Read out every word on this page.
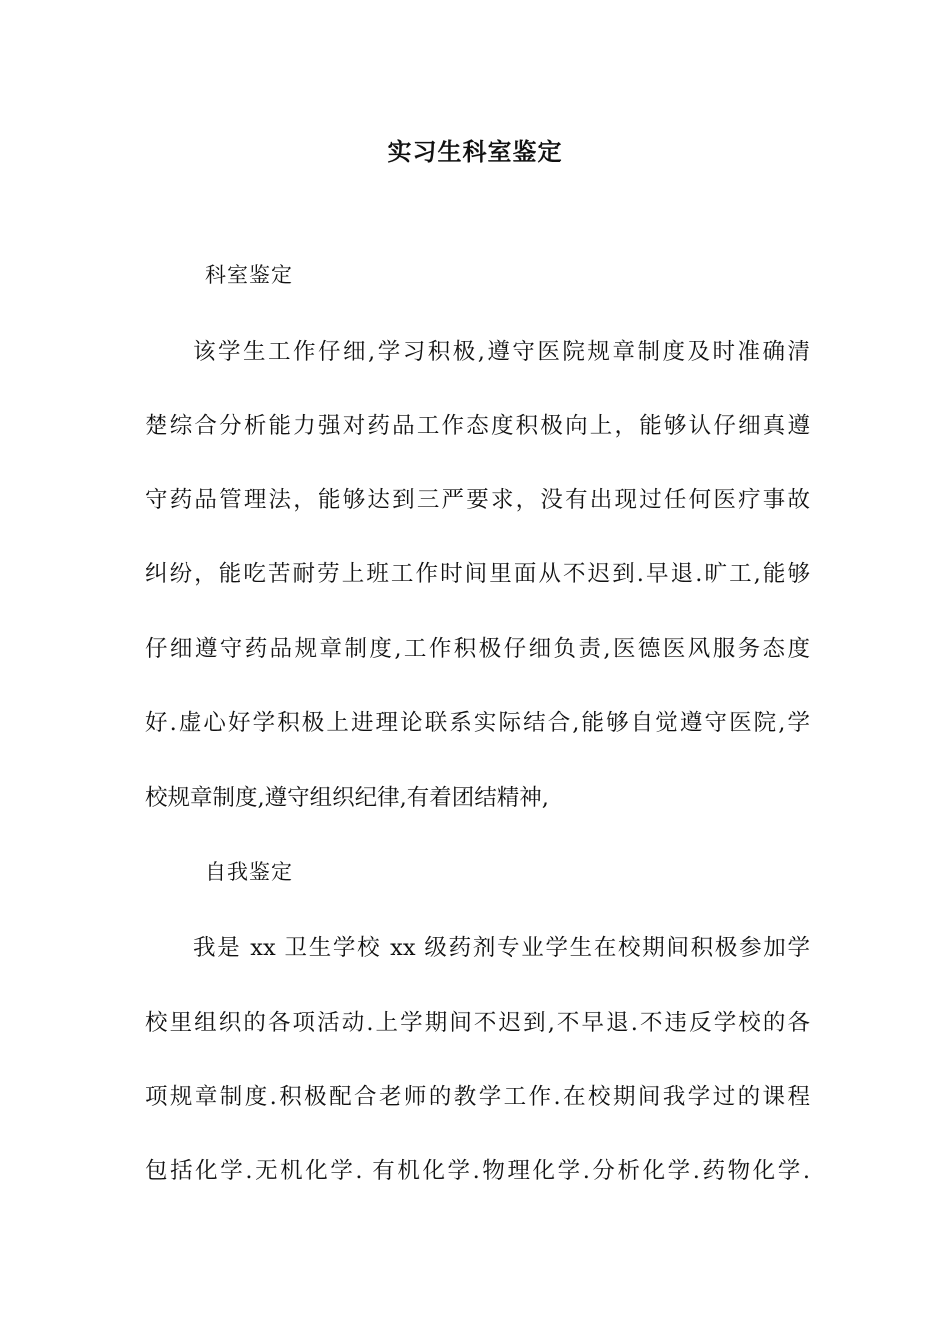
实习生科室鉴定
科室鉴定
该学生工作仔细,学习积极,遵守医院规章制度及时准确清
楚综合分析能力强对药品工作态度积极向上，能够认仔细真遵
守药品管理法，能够达到三严要求，没有出现过任何医疗事故
纠纷，能吃苦耐劳上班工作时间里面从不迟到.早退.旷工,能够
仔细遵守药品规章制度,工作积极仔细负责,医德医风服务态度
好.虚心好学积极上进理论联系实际结合,能够自觉遵守医院,学
校规章制度,遵守组织纪律,有着团结精神,
自我鉴定
我是 xx 卫生学校 xx 级药剂专业学生在校期间积极参加学
校里组织的各项活动.上学期间不迟到,不早退.不违反学校的各
项规章制度.积极配合老师的教学工作.在校期间我学过的课程
包括化学.无机化学. 有机化学.物理化学.分析化学.药物化学.
